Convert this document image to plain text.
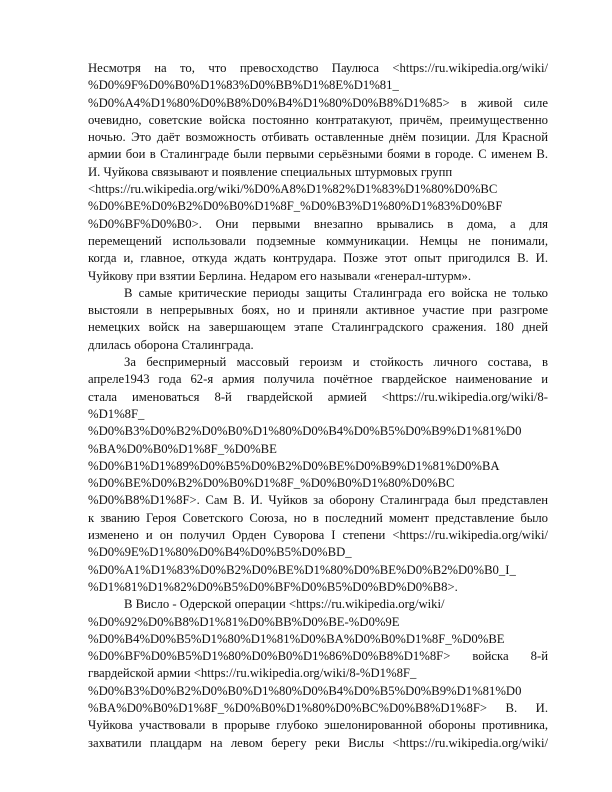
Несмотря на то, что превосходство Паулюса <https://ru.wikipedia.org/wiki/
%D0%9F%D0%B0%D1%83%D0%BB%D1%8E%D1%81_
%D0%A4%D1%80%D0%B8%D0%B4%D1%80%D0%B8%D1%85> в живой силе
очевидно, советские войска постоянно контратакуют, причём, преимущественно
ночью. Это даёт возможность отбивать оставленные днём позиции. Для Красной
армии бои в Сталинграде были первыми серьёзными боями в городе. С именем В.
И. Чуйкова связывают и появление специальных штурмовых групп
<https://ru.wikipedia.org/wiki/%D0%A8%D1%82%D1%83%D1%80%D0%BC
%D0%BE%D0%B2%D0%B0%D1%8F_%D0%B3%D1%80%D1%83%D0%BF
%D0%BF%D0%B0>. Они первыми внезапно врывались в дома, а для
перемещений использовали подземные коммуникации. Немцы не понимали,
когда и, главное, откуда ждать контрудара. Позже этот опыт пригодился В. И.
Чуйкову при взятии Берлина. Недаром его называли «генерал-штурм».
В самые критические периоды защиты Сталинграда его войска не только
выстояли в непрерывных боях, но и приняли активное участие при разгроме
немецких войск на завершающем этапе Сталинградского сражения. 180 дней
длилась оборона Сталинграда.
За беспримерный массовый героизм и стойкость личного состава, в
апреле1943 года 62-я армия получила почётное гвардейское наименование и
стала именоваться 8-й гвардейской армией <https://ru.wikipedia.org/wiki/8-
%D1%8F_
%D0%B3%D0%B2%D0%B0%D1%80%D0%B4%D0%B5%D0%B9%D1%81%D0
%BA%D0%B0%D1%8F_%D0%BE
%D0%B1%D1%89%D0%B5%D0%B2%D0%BE%D0%B9%D1%81%D0%BA
%D0%BE%D0%B2%D0%B0%D1%8F_%D0%B0%D1%80%D0%BC
%D0%B8%D1%8F>. Сам В. И. Чуйков за оборону Сталинграда был представлен
к званию Героя Советского Союза, но в последний момент представление было
изменено и он получил Орден Суворова I степени <https://ru.wikipedia.org/wiki/
%D0%9E%D1%80%D0%B4%D0%B5%D0%BD_
%D0%A1%D1%83%D0%B2%D0%BE%D1%80%D0%BE%D0%B2%D0%B0_I_
%D1%81%D1%82%D0%B5%D0%BF%D0%B5%D0%BD%D0%B8>.
В Висло - Одерской операции <https://ru.wikipedia.org/wiki/
%D0%92%D0%B8%D1%81%D0%BB%D0%BE-%D0%9E
%D0%B4%D0%B5%D1%80%D1%81%D0%BA%D0%B0%D1%8F_%D0%BE
%D0%BF%D0%B5%D1%80%D0%B0%D1%86%D0%B8%D1%8F> войска 8-й
гвардейской армии <https://ru.wikipedia.org/wiki/8-%D1%8F_
%D0%B3%D0%B2%D0%B0%D1%80%D0%B4%D0%B5%D0%B9%D1%81%D0
%BA%D0%B0%D1%8F_%D0%B0%D1%80%D0%BC%D0%B8%D1%8F> В. И.
Чуйкова участвовали в прорыве глубоко эшелонированной обороны противника,
захватили плацдарм на левом берегу реки Вислы <https://ru.wikipedia.org/wiki/
